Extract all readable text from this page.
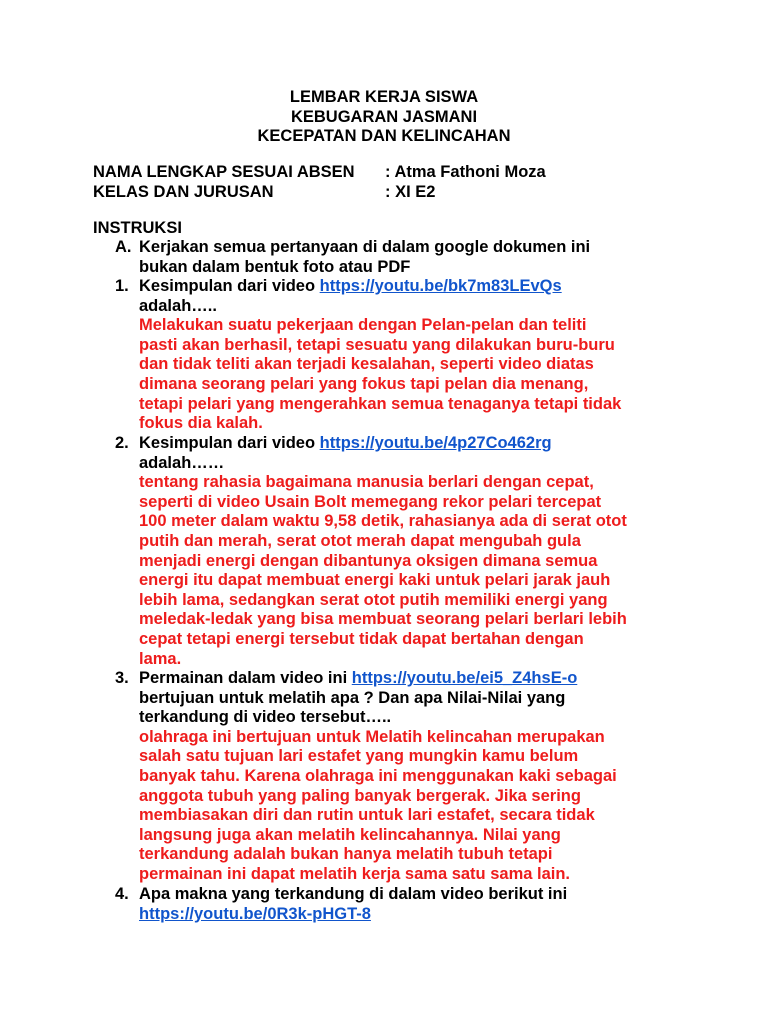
LEMBAR KERJA SISWA
KEBUGARAN JASMANI
KECEPATAN DAN KELINCAHAN
NAMA LENGKAP SESUAI ABSEN : Atma Fathoni Moza
KELAS DAN JURUSAN	: XI E2
INSTRUKSI
A. Kerjakan semua pertanyaan di dalam google dokumen ini
bukan dalam bentuk foto atau PDF
1. Kesimpulan dari video https://youtu.be/bk7m83LEvQs
adalah…..
Melakukan suatu pekerjaan dengan Pelan-pelan dan teliti
pasti akan berhasil, tetapi sesuatu yang dilakukan buru-buru
dan tidak teliti akan terjadi kesalahan, seperti video diatas
dimana seorang pelari yang fokus tapi pelan dia menang,
tetapi pelari yang mengerahkan semua tenaganya tetapi tidak
fokus dia kalah.
2. Kesimpulan dari video https://youtu.be/4p27Co462rg
adalah……
tentang rahasia bagaimana manusia berlari dengan cepat,
seperti di video Usain Bolt memegang rekor pelari tercepat
100 meter dalam waktu 9,58 detik, rahasianya ada di serat otot
putih dan merah, serat otot merah dapat mengubah gula
menjadi energi dengan dibantunya oksigen dimana semua
energi itu dapat membuat energi kaki untuk pelari jarak jauh
lebih lama, sedangkan serat otot putih memiliki energi yang
meledak-ledak yang bisa membuat seorang pelari berlari lebih
cepat tetapi energi tersebut tidak dapat bertahan dengan
lama.
3. Permainan dalam video ini https://youtu.be/ei5_Z4hsE-o
bertujuan untuk melatih apa ? Dan apa Nilai-Nilai yang
terkandung di video tersebut…..
olahraga ini bertujuan untuk Melatih kelincahan merupakan
salah satu tujuan lari estafet yang mungkin kamu belum
banyak tahu. Karena olahraga ini menggunakan kaki sebagai
anggota tubuh yang paling banyak bergerak. Jika sering
membiasakan diri dan rutin untuk lari estafet, secara tidak
langsung juga akan melatih kelincahannya. Nilai yang
terkandung adalah bukan hanya melatih tubuh tetapi
permainan ini dapat melatih kerja sama satu sama lain.
4. Apa makna yang terkandung di dalam video berikut ini
https://youtu.be/0R3k-pHGT-8
